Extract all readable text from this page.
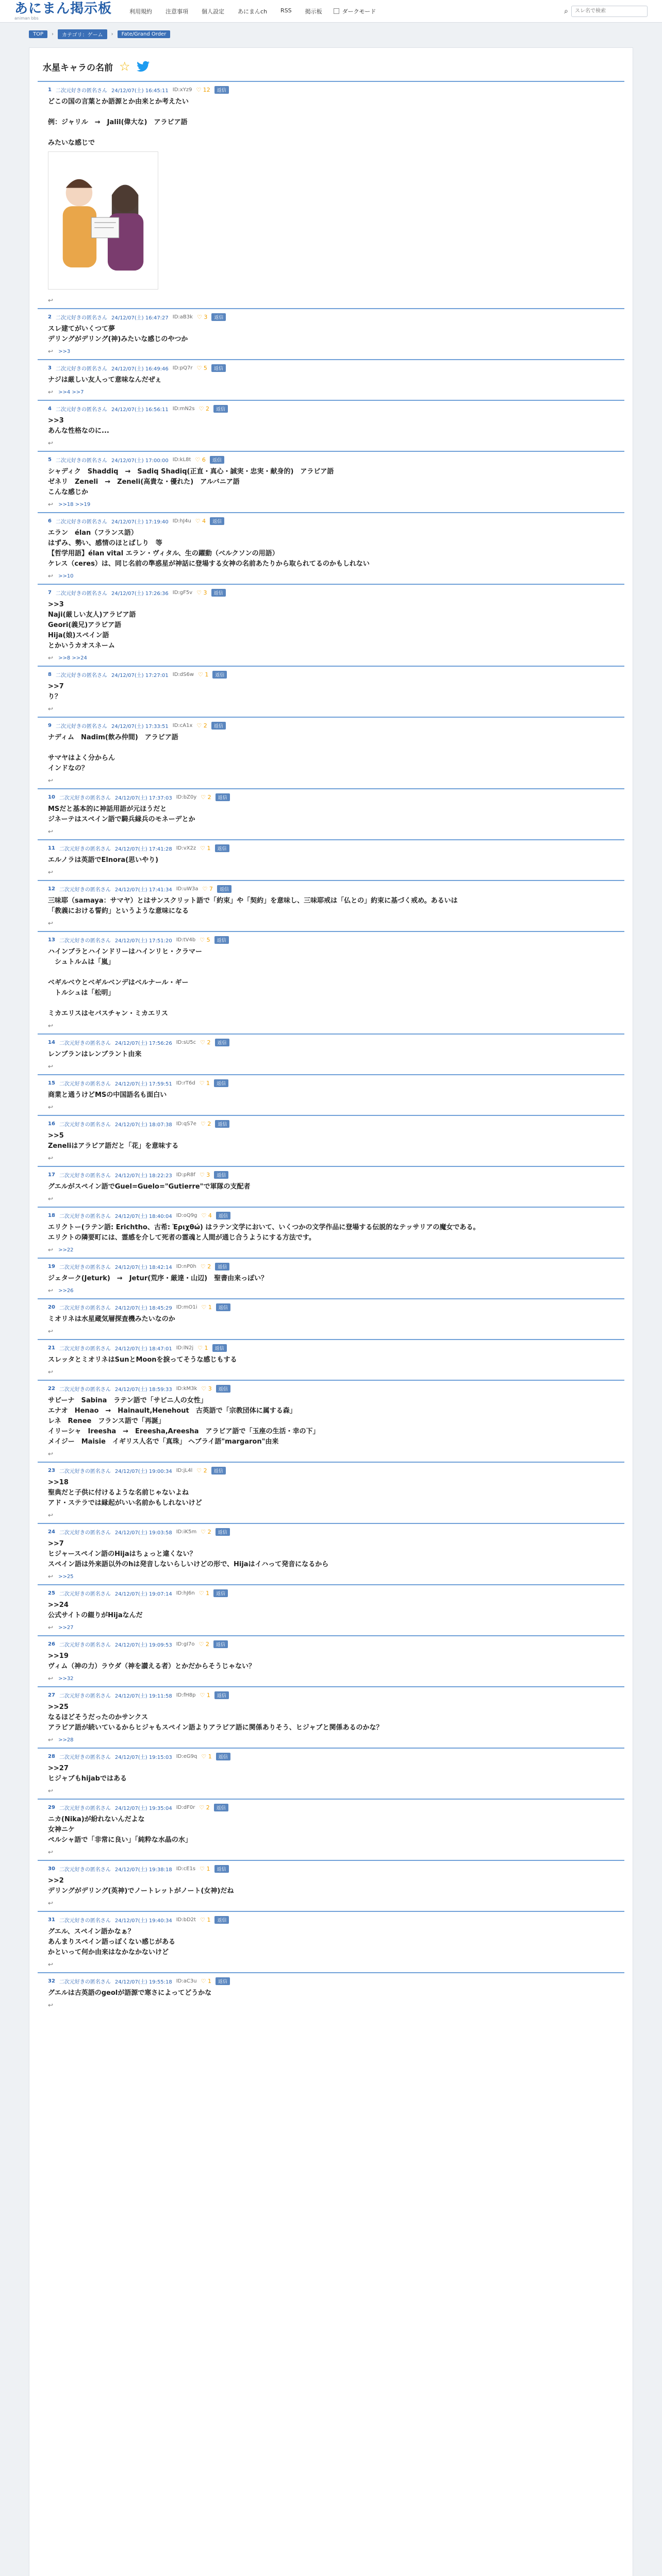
あにまん掲示板
animan bbs
利用規約 注意事項 個人設定 あにまんch RSS 掲示板	ダークモード	⌕
スレ名で検索
TOP	›	カテゴリ：ゲーム	›	Fate/Grand Order
水星キャラの名前 ☆
1 二次元好きの匿名さん 24/12/07(土) 16:45:11 ID:xYz9 ♡ 12	返信
どこの国の言葉とか語源とか由来とか考えたい

例：ジャリル　→　Jalil(偉大な)　アラビア語

みたいな感じで
↩
2 二次元好きの匿名さん 24/12/07(土) 16:47:27 ID:aB3k ♡ 3	返信
スレ建てがいくつて夢
デリングがデリング(神)みたいな感じのやつか
↩ >>3
3 二次元好きの匿名さん 24/12/07(土) 16:49:46 ID:pQ7r ♡ 5	返信
ナジは厳しい友人って意味なんだぜぇ
↩ >>4 >>7
4 二次元好きの匿名さん 24/12/07(土) 16:56:11 ID:mN2s ♡ 2	返信
>>3
あんな性格なのに...
↩
5 二次元好きの匿名さん 24/12/07(土) 17:00:00 ID:kL8t ♡ 6	返信
シャディク　Shaddiq　→　Sadiq Shadiq(正直・真心・誠実・忠実・献身的)　アラビア語
ゼネリ　Zeneli　→　Zeneli(高貴な・優れた)　アルバニア語
こんな感じか
↩ >>18 >>19
6 二次元好きの匿名さん 24/12/07(土) 17:19:40 ID:hJ4u ♡ 4	返信
エラン　élan（フランス語）
はずみ、勢い、感情のほとばしり　等
【哲学用語】élan vital エラン・ヴィタル、生の躍動（ベルクソンの用語）
ケレス（ceres）は、同じ名前の準惑星が神話に登場する女神の名前あたりから取られてるのかもしれない
↩ >>10
7 二次元好きの匿名さん 24/12/07(土) 17:26:36 ID:gF5v ♡ 3	返信
>>3
Naji(厳しい友人)アラビア語
Geori(義兄)アラビア語
Hija(娘)スペイン語
とかいうカオスネーム
↩ >>8 >>24
8 二次元好きの匿名さん 24/12/07(土) 17:27:01 ID:dS6w ♡ 1	返信
>>7
り？
↩
9 二次元好きの匿名さん 24/12/07(土) 17:33:51 ID:cA1x ♡ 2	返信
ナディム　Nadim(飲み仲間)　アラビア語

サマヤはよく分からん
インドなの？
↩
10 二次元好きの匿名さん 24/12/07(土) 17:37:03 ID:bZ0y ♡ 2	返信
MSだと基本的に神話用語が元ほうだと
ジネーテはスペイン語で騎兵縁兵のモネーデとか
↩
11 二次元好きの匿名さん 24/12/07(土) 17:41:28 ID:vX2z ♡ 1	返信
エルノラは英語でElnora(思いやり)
↩
12 二次元好きの匿名さん 24/12/07(土) 17:41:34 ID:uW3a ♡ 7	返信
三味耶（samaya：サマヤ）とはサンスクリット語で「約束」や「契約」を意味し、三味耶戒は「仏との」約束に基づく戒め。あるいは
「教義における誓約」というような意味になる
↩
13 二次元好きの匿名さん 24/12/07(土) 17:51:20 ID:tV4b ♡ 5	返信
ハインブラとハインドリーはハインリヒ・クラマー
　シュトルムは「嵐」

ベギルベウとベギルベンデはベルナール・ギー
　トルシュは「松明」

ミカエリスはセバスチャン・ミカエリス
↩
14 二次元好きの匿名さん 24/12/07(土) 17:56:26 ID:sU5c ♡ 2	返信
レンブランはレンブラント由来
↩
15 二次元好きの匿名さん 24/12/07(土) 17:59:51 ID:rT6d ♡ 1	返信
商業と通うけどMSの中国語名も面白い
↩
16 二次元好きの匿名さん 24/12/07(土) 18:07:38 ID:qS7e ♡ 2	返信
>>5
Zeneliはアラビア語だと「花」を意味する
↩
17 二次元好きの匿名さん 24/12/07(土) 18:22:23 ID:pR8f ♡ 3	返信
グエルがスペイン語でGuel=Guelo="Gutierre"で軍隊の支配者
↩
18 二次元好きの匿名さん 24/12/07(土) 18:40:04 ID:oQ9g ♡ 4	返信
エリクトー(ラテン語: Erichtho、古希: Ἐριχθώ) はラテン文学において、いくつかの文学作品に登場する伝説的なテッサリアの魔女である。
エリクトの隣要町には、霊感を介して死者の霊魂と人間が通じ合うようにする方法です。
↩ >>22
19 二次元好きの匿名さん 24/12/07(土) 18:42:14 ID:nP0h ♡ 2	返信
ジェターク(Jeturk)　→　Jetur(荒序・厳達・山辺)　聖書由来っぽい？
↩ >>26
20 二次元好きの匿名さん 24/12/07(土) 18:45:29 ID:mO1i ♡ 1	返信
ミオリネは水星蔵気層探査機みたいなのか
↩
21 二次元好きの匿名さん 24/12/07(土) 18:47:01 ID:lN2j ♡ 1	返信
スレッタとミオリネはSunとMoonを捩ってそうな感じもする
↩
22 二次元好きの匿名さん 24/12/07(土) 18:59:33 ID:kM3k ♡ 3	返信
サビーナ　Sabina　ラテン語で「サビニ人の女性」
エナオ　Henao　→　Hainault,Henehout　古英語で「宗教団体に属する森」
レネ　Renee　フランス語で「再誕」
イリーシャ　Ireesha　→　Ereesha,Areesha　アラビア語で「玉座の生活・幸の下」
メイジー　Maisie　イギリス人名で「真珠」 ヘブライ語"margaron"由来
↩
23 二次元好きの匿名さん 24/12/07(土) 19:00:34 ID:jL4l ♡ 2	返信
>>18
聖典だと子供に付けるような名前じゃないよね
アド・ステラでは縁起がいい名前かもしれないけど
↩
24 二次元好きの匿名さん 24/12/07(土) 19:03:58 ID:iK5m ♡ 2	返信
>>7
ヒジャースペイン語のHijaはちょっと違くない？
スペイン語は外来語以外のhは発音しないらしいけどの形で、Hijaはイハって発音になるから
↩ >>25
25 二次元好きの匿名さん 24/12/07(土) 19:07:14 ID:hJ6n ♡ 1	返信
>>24
公式サイトの綴りがHijaなんだ
↩ >>27
26 二次元好きの匿名さん 24/12/07(土) 19:09:53 ID:gI7o ♡ 2	返信
>>19
ヴィム（神の力）ラウダ（神を讃える者）とかだからそうじゃない？
↩ >>32
27 二次元好きの匿名さん 24/12/07(土) 19:11:58 ID:fH8p ♡ 1	返信
>>25
なるほどそうだったのかサンクス
アラビア語が続いているからヒジャもスペイン語よりアラビア語に関係ありそう、ヒジャブと関係あるのかな？
↩ >>28
28 二次元好きの匿名さん 24/12/07(土) 19:15:03 ID:eG9q ♡ 1	返信
>>27
ヒジャブもhijabではある
↩
29 二次元好きの匿名さん 24/12/07(土) 19:35:04 ID:dF0r ♡ 2	返信
ニカ(Nika)が紛れないんだよな
女神ニケ
ペルシャ語で「非常に良い」「純粋な水晶の水」
↩
30 二次元好きの匿名さん 24/12/07(土) 19:38:18 ID:cE1s ♡ 1	返信
>>2
デリングがデリング(英神)でノートレットがノート(女神)だね
↩
31 二次元好きの匿名さん 24/12/07(土) 19:40:34 ID:bD2t ♡ 1	返信
グエル、スペイン語かなぁ？
あんまりスペイン語っぽくない感じがある
かといって何か由来はなかなかないけど
↩
32 二次元好きの匿名さん 24/12/07(土) 19:55:18 ID:aC3u ♡ 1	返信
グエルは古英語のgeolが語源で寒さによってどうかな
↩
